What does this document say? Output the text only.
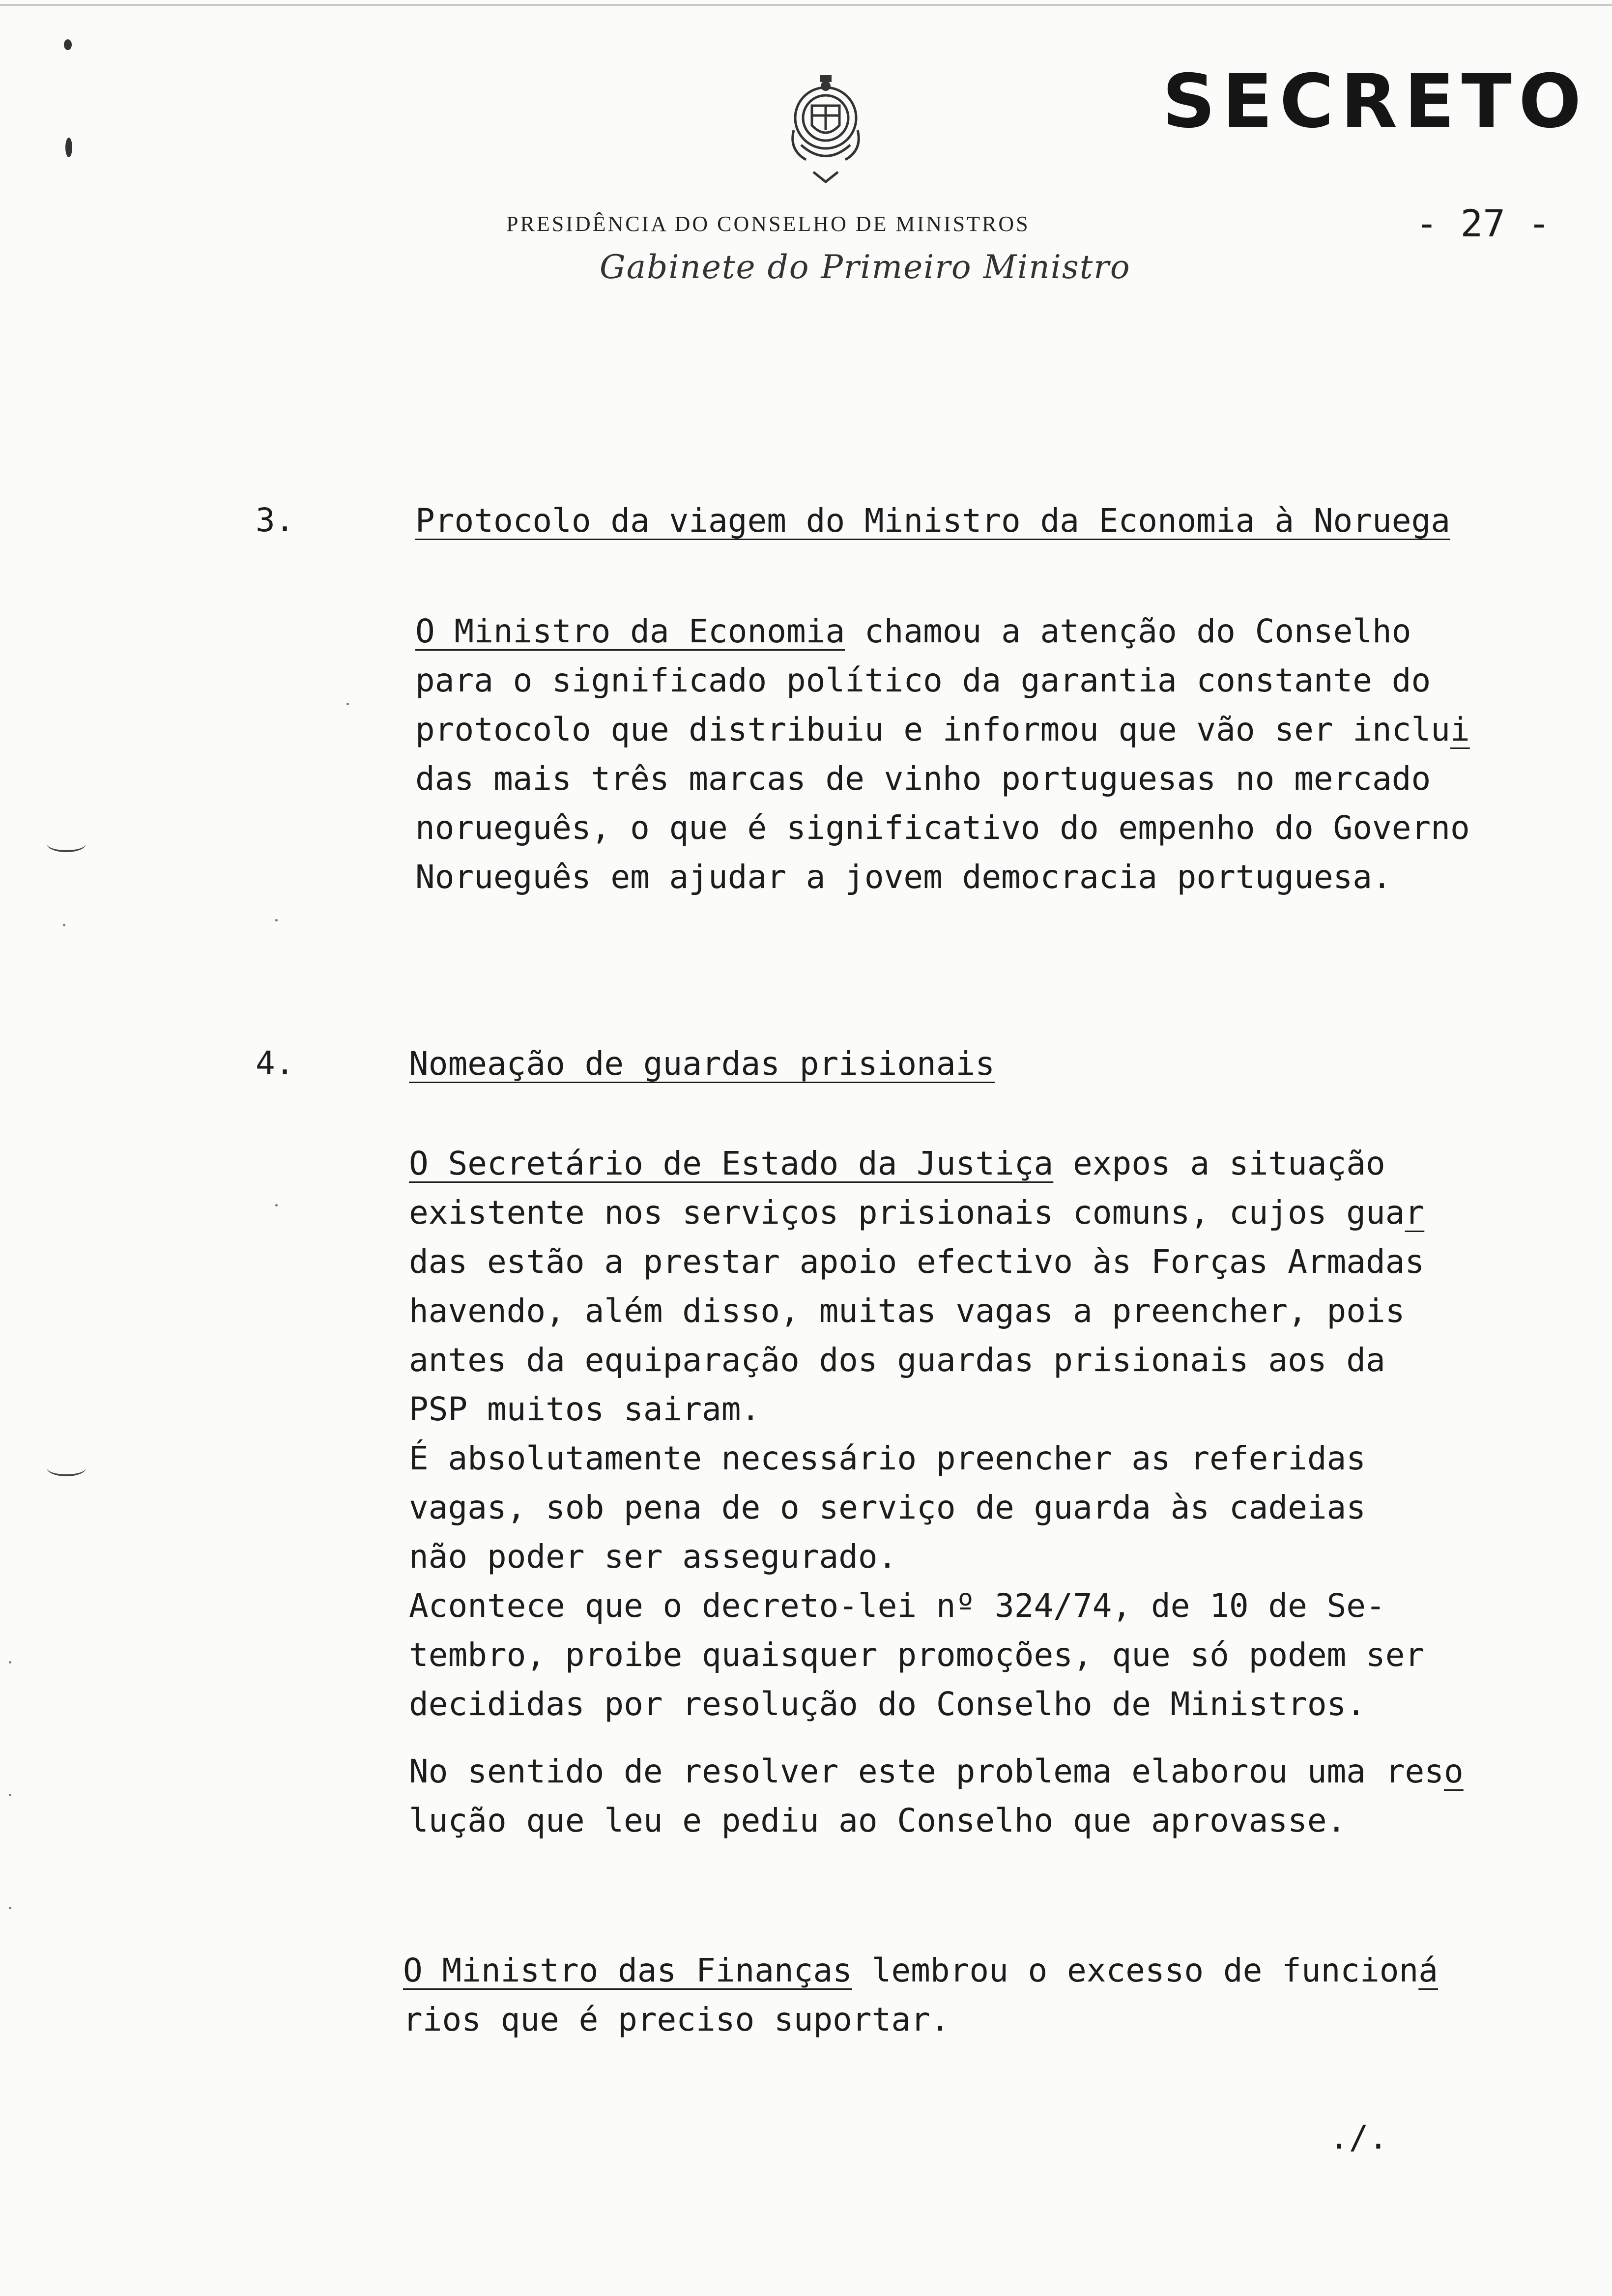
SECRETO
- 27 -
PRESIDÊNCIA DO CONSELHO DE MINISTROS
Gabinete do Primeiro Ministro
3.	Protocolo da viagem do Ministro da Economia à Noruega
O Ministro da Economia chamou a atenção do Conselho
para o significado político da garantia constante do
protocolo que distribuiu e informou que vão ser inclui
das mais três marcas de vinho portuguesas no mercado
norueguês, o que é significativo do empenho do Governo
Norueguês em ajudar a jovem democracia portuguesa.
4.	Nomeação de guardas prisionais
O Secretário de Estado da Justiça expos a situação
existente nos serviços prisionais comuns, cujos guar
das estão a prestar apoio efectivo às Forças Armadas
havendo, além disso, muitas vagas a preencher, pois
antes da equiparação dos guardas prisionais aos da
PSP muitos sairam.
É absolutamente necessário preencher as referidas
vagas, sob pena de o serviço de guarda às cadeias
não poder ser assegurado.
Acontece que o decreto-lei nº 324/74, de 10 de Se-
tembro, proibe quaisquer promoções, que só podem ser
decididas por resolução do Conselho de Ministros.
No sentido de resolver este problema elaborou uma reso
lução que leu e pediu ao Conselho que aprovasse.
O Ministro das Finanças lembrou o excesso de funcioná
rios que é preciso suportar.
./.
